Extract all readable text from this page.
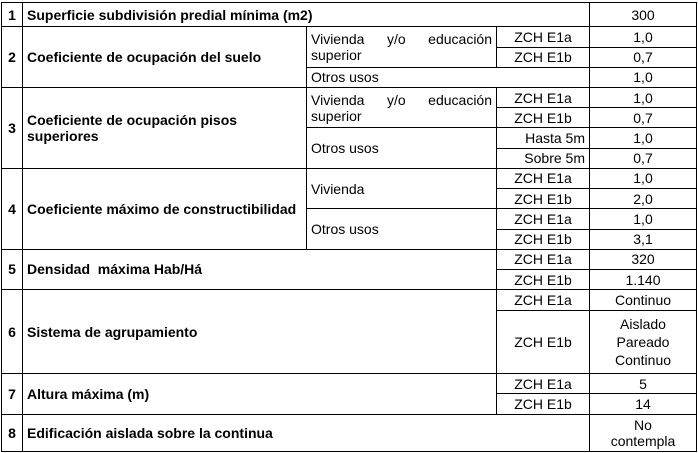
1	Superficie subdivisión predial mínima (m2)			300
2	Coeficiente de ocupación del suelo	Vivienda y/o educación superior	ZCH E1a	1,0
			ZCH E1b	0,7
		Otros usos		1,0
3	Coeficiente de ocupación pisos superiores	Vivienda y/o educación superior	ZCH E1a	1,0
			ZCH E1b	0,7
		Otros usos	Hasta 5m	1,0
			Sobre 5m	0,7
4	Coeficiente máximo de constructibilidad	Vivienda	ZCH E1a	1,0
			ZCH E1b	2,0
		Otros usos	ZCH E1a	1,0
			ZCH E1b	3,1
5	Densidad  máxima Hab/Há		ZCH E1a	320
			ZCH E1b	1.140
6	Sistema de agrupamiento		ZCH E1a	Continuo
			ZCH E1b	Aislado
Pareado
Continuo

7	Altura máxima (m)		ZCH E1a	5
			ZCH E1b	14
8	Edificación aislada sobre la continua			No
contempla
